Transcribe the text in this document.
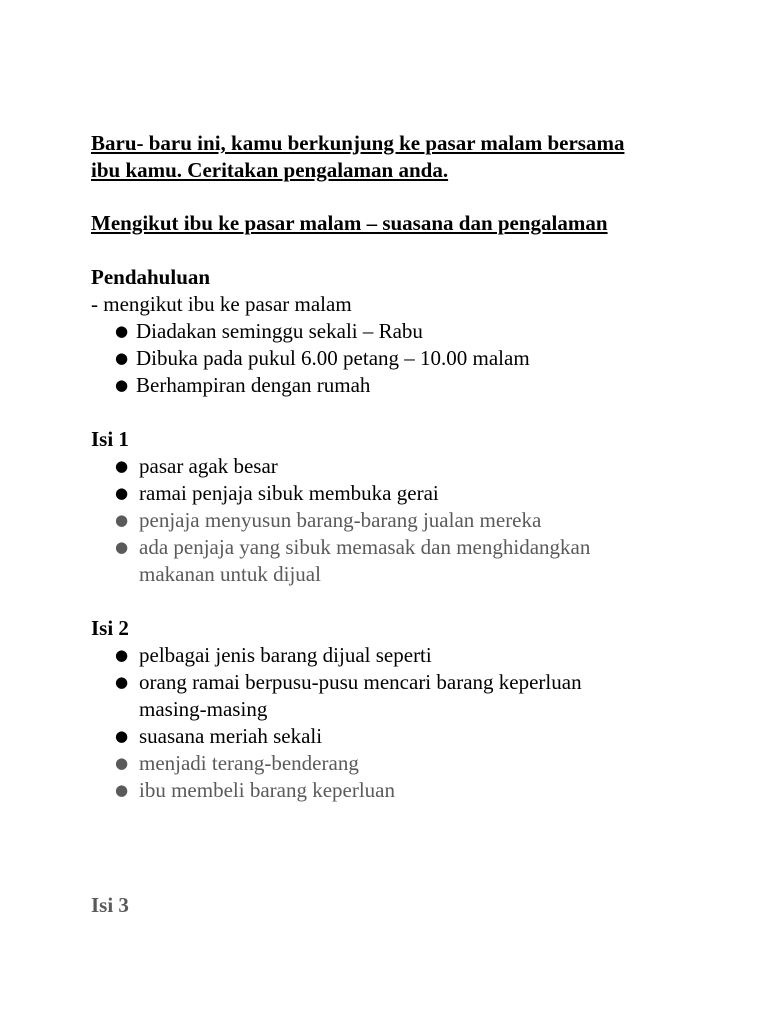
Baru- baru ini, kamu berkunjung ke pasar malam bersama
ibu kamu. Ceritakan pengalaman anda.
Mengikut ibu ke pasar malam – suasana dan pengalaman
Pendahuluan
- mengikut ibu ke pasar malam
● Diadakan seminggu sekali – Rabu
● Dibuka pada pukul 6.00 petang – 10.00 malam
● Berhampiran dengan rumah
Isi 1
● pasar agak besar
● ramai penjaja sibuk membuka gerai
● penjaja menyusun barang-barang jualan mereka
● ada penjaja yang sibuk memasak dan menghidangkan
makanan untuk dijual
Isi 2
● pelbagai jenis barang dijual seperti
● orang ramai berpusu-pusu mencari barang keperluan
masing-masing
● suasana meriah sekali
● menjadi terang-benderang
● ibu membeli barang keperluan
Isi 3
